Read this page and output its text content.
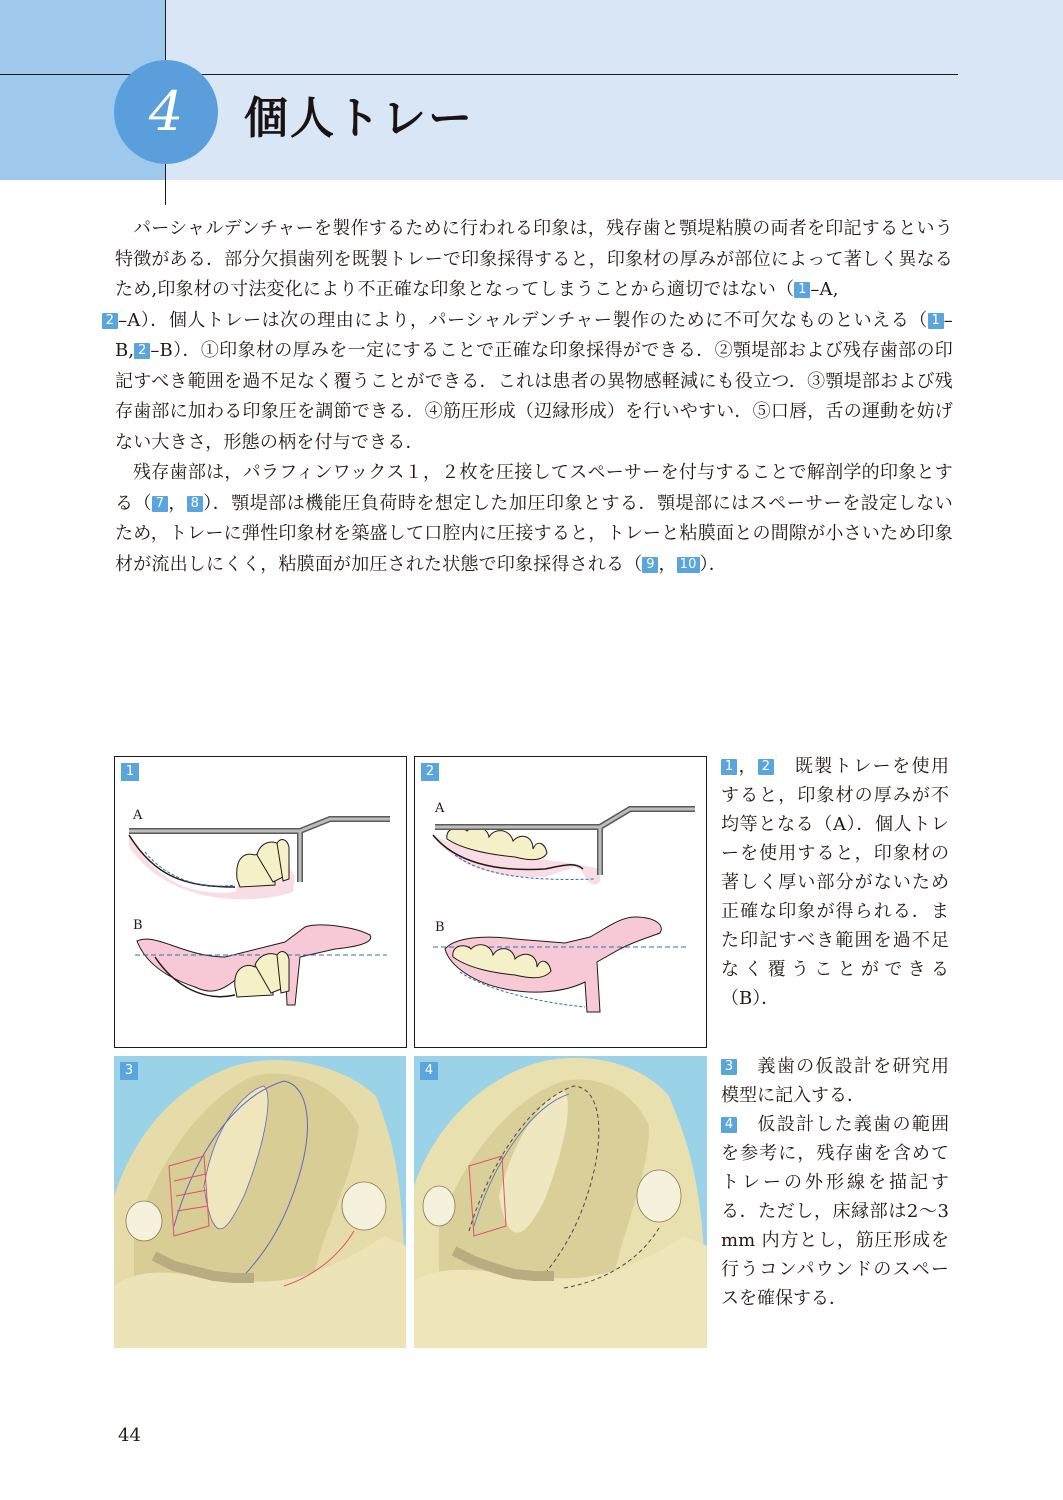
4	個人トレー

パーシャルデンチャーを製作するために行われる印象は，残存歯と顎堤粘膜の両者を印記するという特徴がある．部分欠損歯列を既製トレーで印象採得すると，印象材の厚みが部位によって著しく異なるため,印象材の寸法変化により不正確な印象となってしまうことから適切ではない（ 1 –A,
2 –A）．個人トレーは次の理由により，パーシャルデンチャー製作のために不可欠なものといえる（ 1 –B, 2 –B）．①印象材の厚みを一定にすることで正確な印象採得ができる．②顎堤部および残存歯部の印記すべき範囲を過不足なく覆うことができる．これは患者の異物感軽減にも役立つ．③顎堤部および残存歯部に加わる印象圧を調節できる．④筋圧形成（辺縁形成）を行いやすい．⑤口唇，舌の運動を妨げない大きさ，形態の柄を付与できる．

残存歯部は，パラフィンワックス１，２枚を圧接してスペーサーを付与することで解剖学的印象とする（ 7 ， 8 ）．顎堤部は機能圧負荷時を想定した加圧印象とする．顎堤部にはスペーサーを設定しないため，トレーに弾性印象材を築盛して口腔内に圧接すると，トレーと粘膜面との間隙が小さいため印象材が流出しにくく，粘膜面が加圧された状態で印象採得される（ 9 ， 10 ）．

1
A
B
2
A
B

1 ， 2　既製トレーを使用すると，印象材の厚みが不均等となる（A）．個人トレーを使用すると，印象材の著しく厚い部分がないため正確な印象が得られる．また印記すべき範囲を過不足なく覆うことができる（B）．

3	4	3　義歯の仮設計を研究用模型に記入する．

4　仮設計した義歯の範囲を参考に，残存歯を含めてトレーの外形線を描記する．ただし，床縁部は2〜3 mm 内方とし，筋圧形成を行うコンパウンドのスペースを確保する．

44
